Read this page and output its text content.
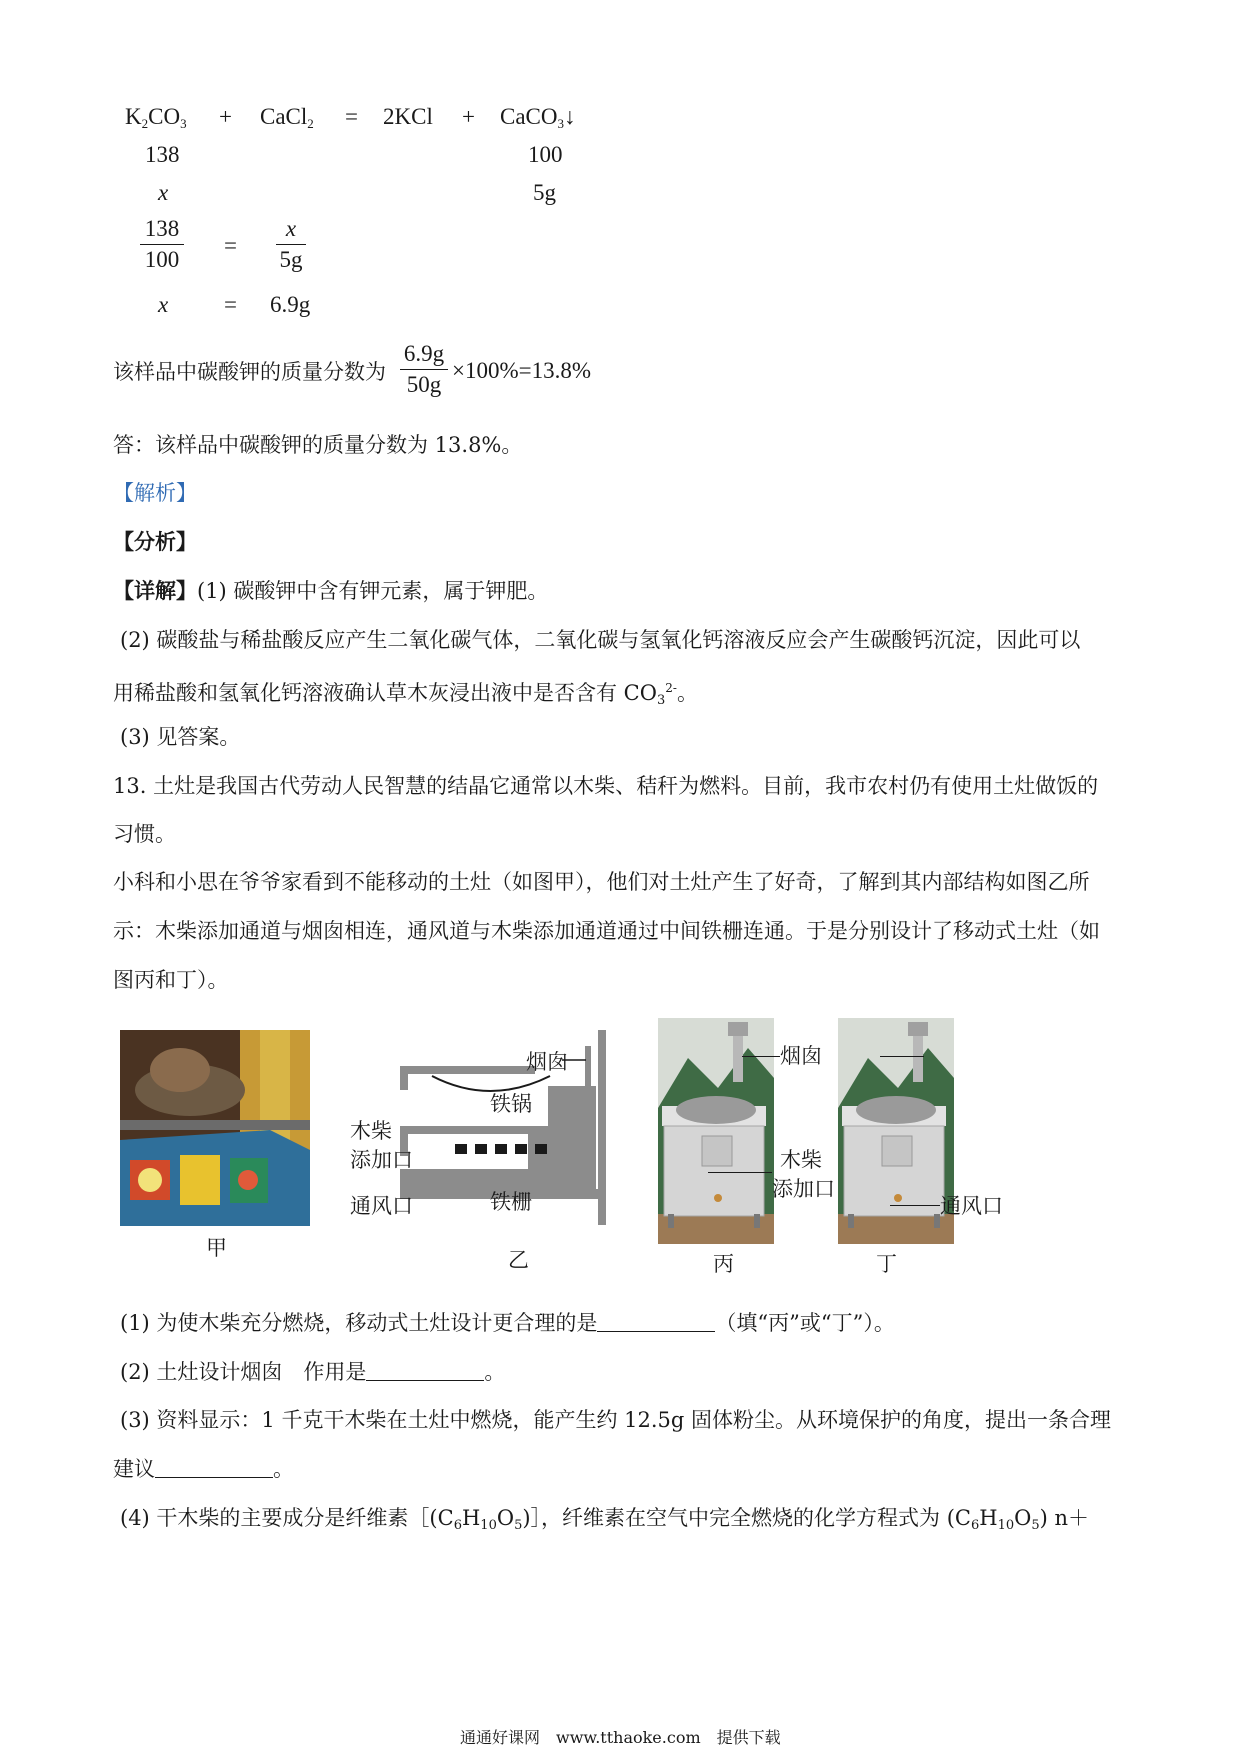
$K_2CO_3$ + CaCl$_2$ = 2KCl + CaCO$_3$↓
138	100
x	5g
138
100
=
x
5g
x = 6.9g
该样品中碳酸钾的质量分数为
6.9g
50g
×100%=13.8%
答：该样品中碳酸钾的质量分数为 13.8%。
【解析】
【分析】
【详解】(1) 碳酸钾中含有钾元素，属于钾肥。
(2) 碳酸盐与稀盐酸反应产生二氧化碳气体，二氧化碳与氢氧化钙溶液反应会产生碳酸钙沉淀，因此可以
用稀盐酸和氢氧化钙溶液确认草木灰浸出液中是否含有 $CO_3^{2-}$。
(3) 见答案。
13. 土灶是我国古代劳动人民智慧的结晶它通常以木柴、秸秆为燃料。目前，我市农村仍有使用土灶做饭的
习惯。
小科和小思在爷爷家看到不能移动的土灶（如图甲），他们对土灶产生了好奇，了解到其内部结构如图乙所
示：木柴添加通道与烟囱相连，通风道与木柴添加通道通过中间铁栅连通。于是分别设计了移动式土灶（如
图丙和丁）。
甲
烟囱
铁锅
木柴
添加口
通风口	铁栅
乙
烟囱
木柴
添加口
丙
通风口
丁
(1) 为使木柴充分燃烧，移动式土灶设计更合理的是	（填“丙”或“丁”）。
(2) 土灶设计烟囱　作用是	。
(3) 资料显示：1 千克干木柴在土灶中燃烧，能产生约 12.5g 固体粉尘。从环境保护的角度，提出一条合理
建议	。
(4) 干木柴的主要成分是纤维素$[(C_6H_{10}O_5)]$，纤维素在空气中完全燃烧的化学方程式为 $(C_6H_{10}O_5)$ n＋
通通好课网　www.tthaoke.com　提供下载
